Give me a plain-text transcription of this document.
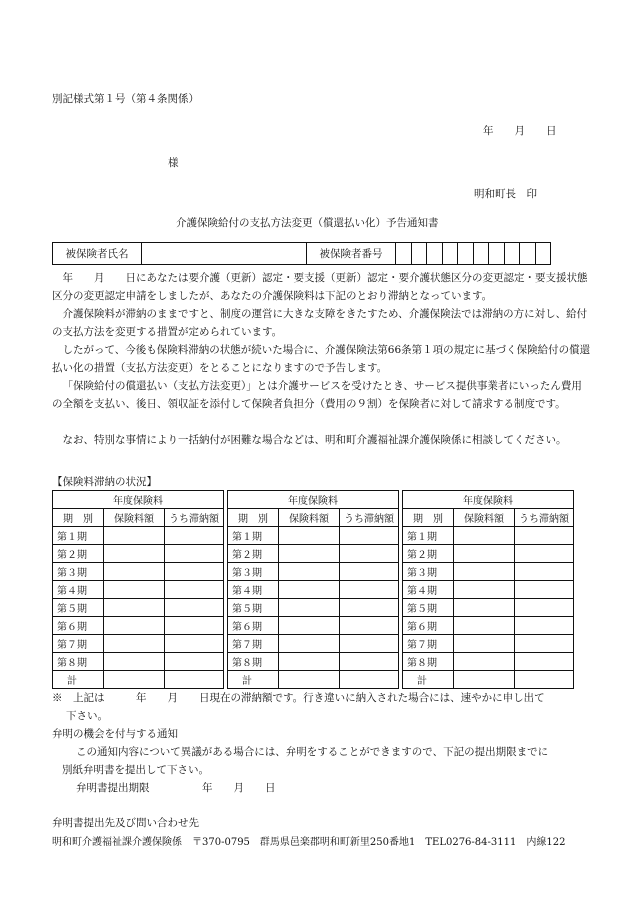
別記様式第１号（第４条関係）
年　　月　　日
様
明和町長　印
介護保険給付の支払方法変更（償還払い化）予告通知書
被保険者氏名		被保険者番号										
年　　月　　日にあなたは要介護（更新）認定・要支援（更新）認定・要介護状態区分の変更認定・要支援状態区分の変更認定申請をしましたが、あなたの介護保険料は下記のとおり滞納となっています。
介護保険料が滞納のままですと、制度の運営に大きな支障をきたすため、介護保険法では滞納の方に対し、給付の支払方法を変更する措置が定められています。
したがって、今後も保険料滞納の状態が続いた場合に、介護保険法第66条第１項の規定に基づく保険給付の償還払い化の措置（支払方法変更）をとることになりますので予告します。
「保険給付の償還払い（支払方法変更）」とは介護サービスを受けたとき、サービス提供事業者にいったん費用の全額を支払い、後日、領収証を添付して保険者負担分（費用の９割）を保険者に対して請求する制度です。
なお、特別な事情により一括納付が困難な場合などは、明和町介護福祉課介護保険係に相談してください。
【保険料滞納の状況】
年度保険料		
期　別	保険料額	うち滞納額
第１期		
第２期		
第３期		
第４期		
第５期		
第６期		
第７期		
第８期		
計		
年度保険料		
期　別	保険料額	うち滞納額
第１期		
第２期		
第３期		
第４期		
第５期		
第６期		
第７期		
第８期		
計		
年度保険料		
期　別	保険料額	うち滞納額
第１期		
第２期		
第３期		
第４期		
第５期		
第６期		
第７期		
第８期		
計		
※　上記は　　　年　　月　　日現在の滞納額です。行き違いに納入された場合には、速やかに申し出て
下さい。
弁明の機会を付与する通知
この通知内容について異議がある場合には、弁明をすることができますので、下記の提出期限までに
別紙弁明書を提出して下さい。
弁明書提出期限　　　　　年　　月　　日
弁明書提出先及び問い合わせ先
明和町介護福祉課介護保険係　〒370-0795　群馬県邑楽郡明和町新里250番地1　TEL0276-84-3111　内線122
